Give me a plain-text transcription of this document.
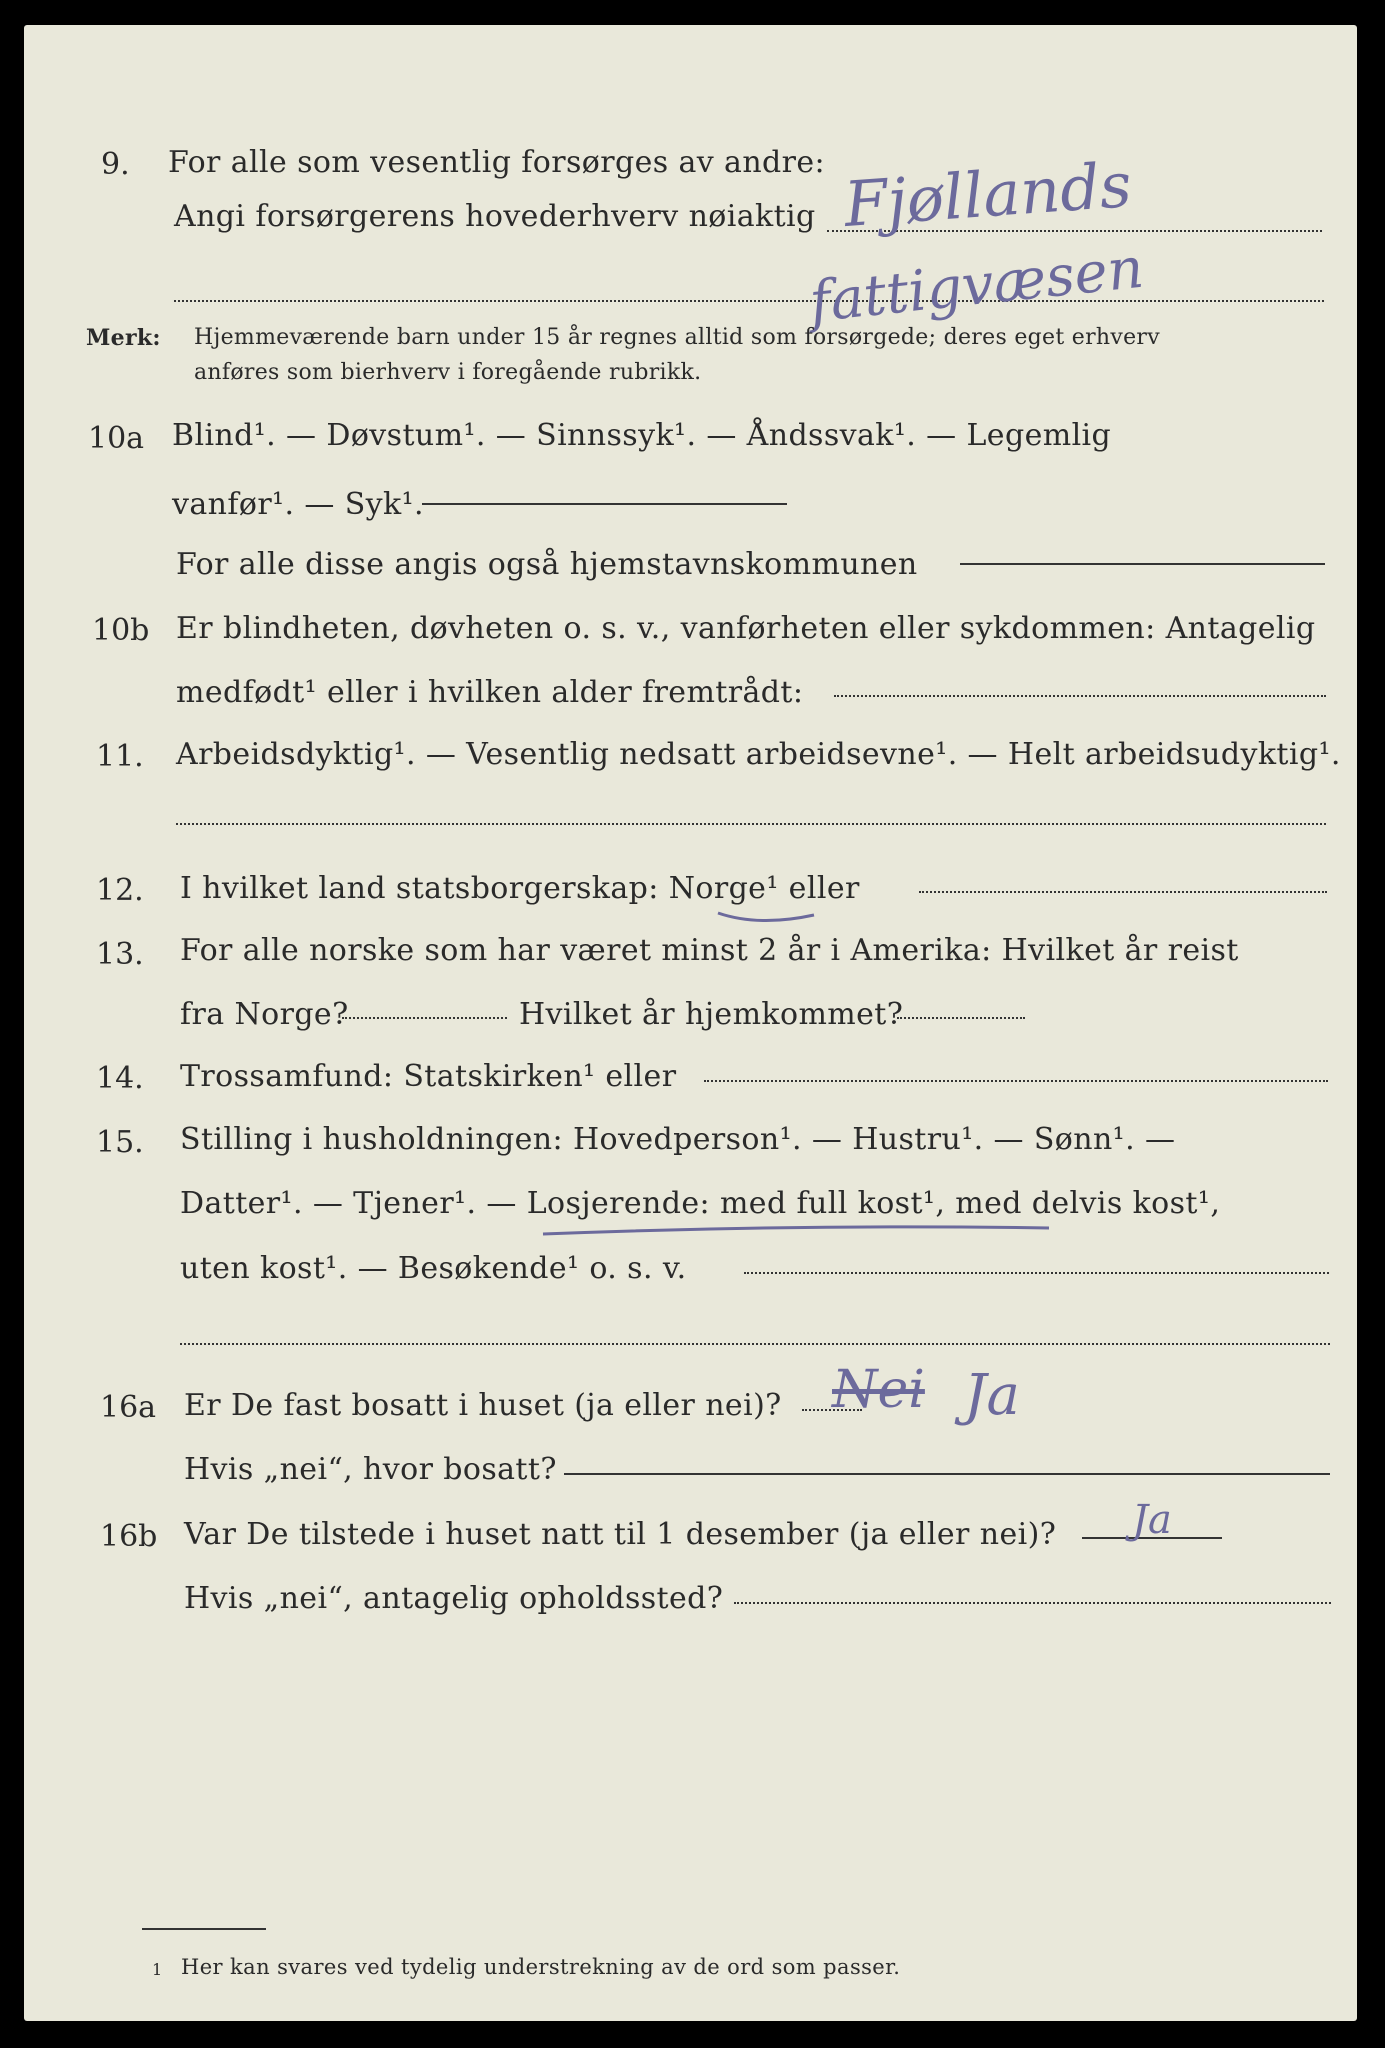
9. For alle som vesentlig forsørges av andre:
Angi forsørgerens hovederhverv nøiaktig Fjøllands
fattigvæsen
Merk: Hjemmeværende barn under 15 år regnes alltid som forsørgede; deres eget erhverv
anføres som bierhverv i foregående rubrikk.
10a Blind¹. — Døvstum¹. — Sinnssyk¹. — Åndssvak¹. — Legemlig
vanfør¹. — Syk¹.
For alle disse angis også hjemstavnskommunen
10b Er blindheten, døvheten o. s. v., vanførheten eller sykdommen: Antagelig
medfødt¹ eller i hvilken alder fremtrådt:
11. Arbeidsdyktig¹. — Vesentlig nedsatt arbeidsevne¹. — Helt arbeidsudyktig¹.
12. I hvilket land statsborgerskap: Norge¹ eller
13. For alle norske som har været minst 2 år i Amerika: Hvilket år reist
fra Norge?	Hvilket år hjemkommet?
14. Trossamfund: Statskirken¹ eller
15. Stilling i husholdningen: Hovedperson¹. — Hustru¹. — Sønn¹. —
Datter¹. — Tjener¹. — Losjerende: med full kost¹, med delvis kost¹,
uten kost¹. — Besøkende¹ o. s. v.
16a Er De fast bosatt i huset (ja eller nei)? Nei Ja
Hvis „nei“, hvor bosatt?
16b Var De tilstede i huset natt til 1 desember (ja eller nei)? Ja
Hvis „nei“, antagelig opholdssted?
1 Her kan svares ved tydelig understrekning av de ord som passer.
